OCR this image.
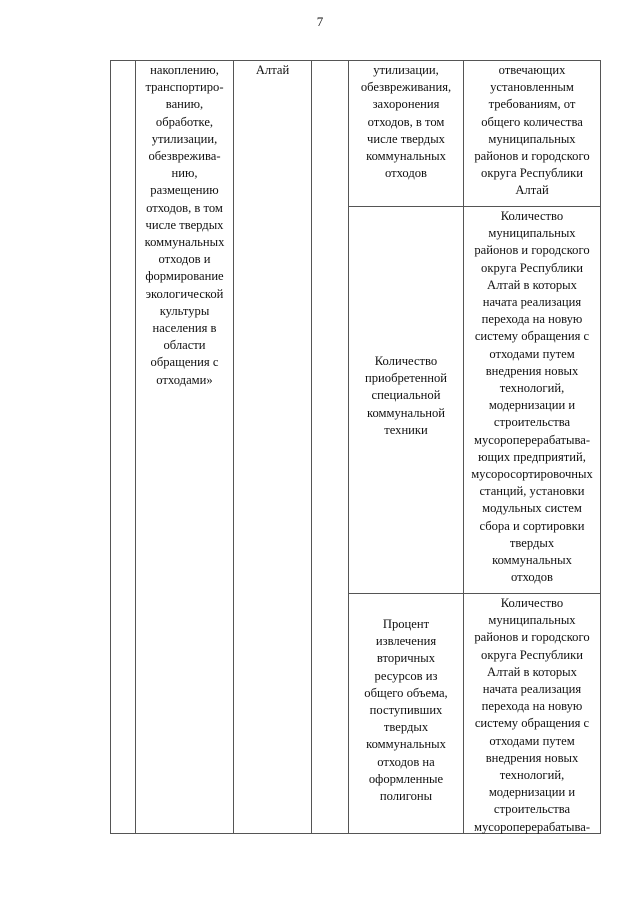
7
накоплению,
транспортиро-
ванию,
обработке,
утилизации,
обезврежива-
нию,
размещению
отходов, в том
числе твердых
коммунальных
отходов и
формирование
экологической
культуры
населения в
области
обращения с
отходами»
Алтай	утилизации,
обезвреживания,
захоронения
отходов, в том
числе твердых
коммунальных
отходов
отвечающих
установленным
требованиям, от
общего количества
муниципальных
районов и городского
округа Республики
Алтай
Количество
приобретенной
специальной
коммунальной
техники
Количество
муниципальных
районов и городского
округа Республики
Алтай в которых
начата реализация
перехода на новую
систему обращения с
отходами путем
внедрения новых
технологий,
модернизации и
строительства
мусороперерабатыва-
ющих предприятий,
мусоросортировочных
станций, установки
модульных систем
сбора и сортировки
твердых
коммунальных
отходов
Процент
извлечения
вторичных
ресурсов из
общего объема,
поступивших
твердых
коммунальных
отходов на
оформленные
полигоны
Количество
муниципальных
районов и городского
округа Республики
Алтай в которых
начата реализация
перехода на новую
систему обращения с
отходами путем
внедрения новых
технологий,
модернизации и
строительства
мусороперерабатыва-
